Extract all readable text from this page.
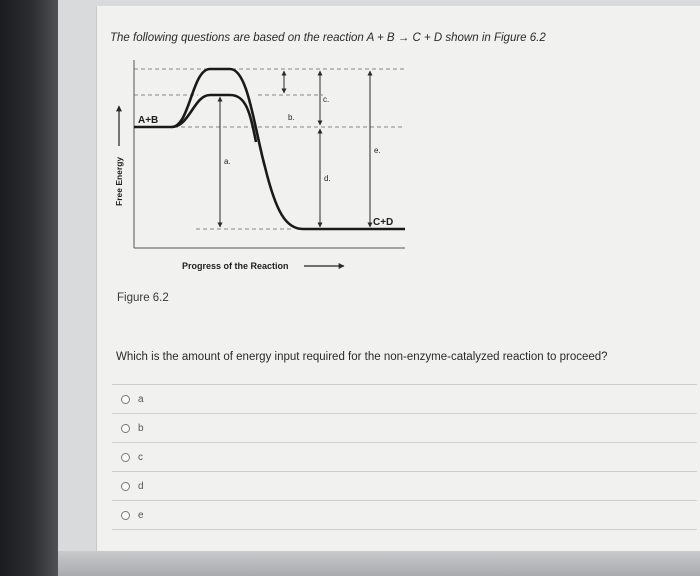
The following questions are based on the reaction A + B → C + D shown in Figure 6.2

A+B
C+D
a.
b.
c.
d.
e.
Free Energy
Progress of the Reaction
Figure 6.2

Which is the amount of energy input required for the non-enzyme-catalyzed reaction to proceed?

a
b
c
d
e
